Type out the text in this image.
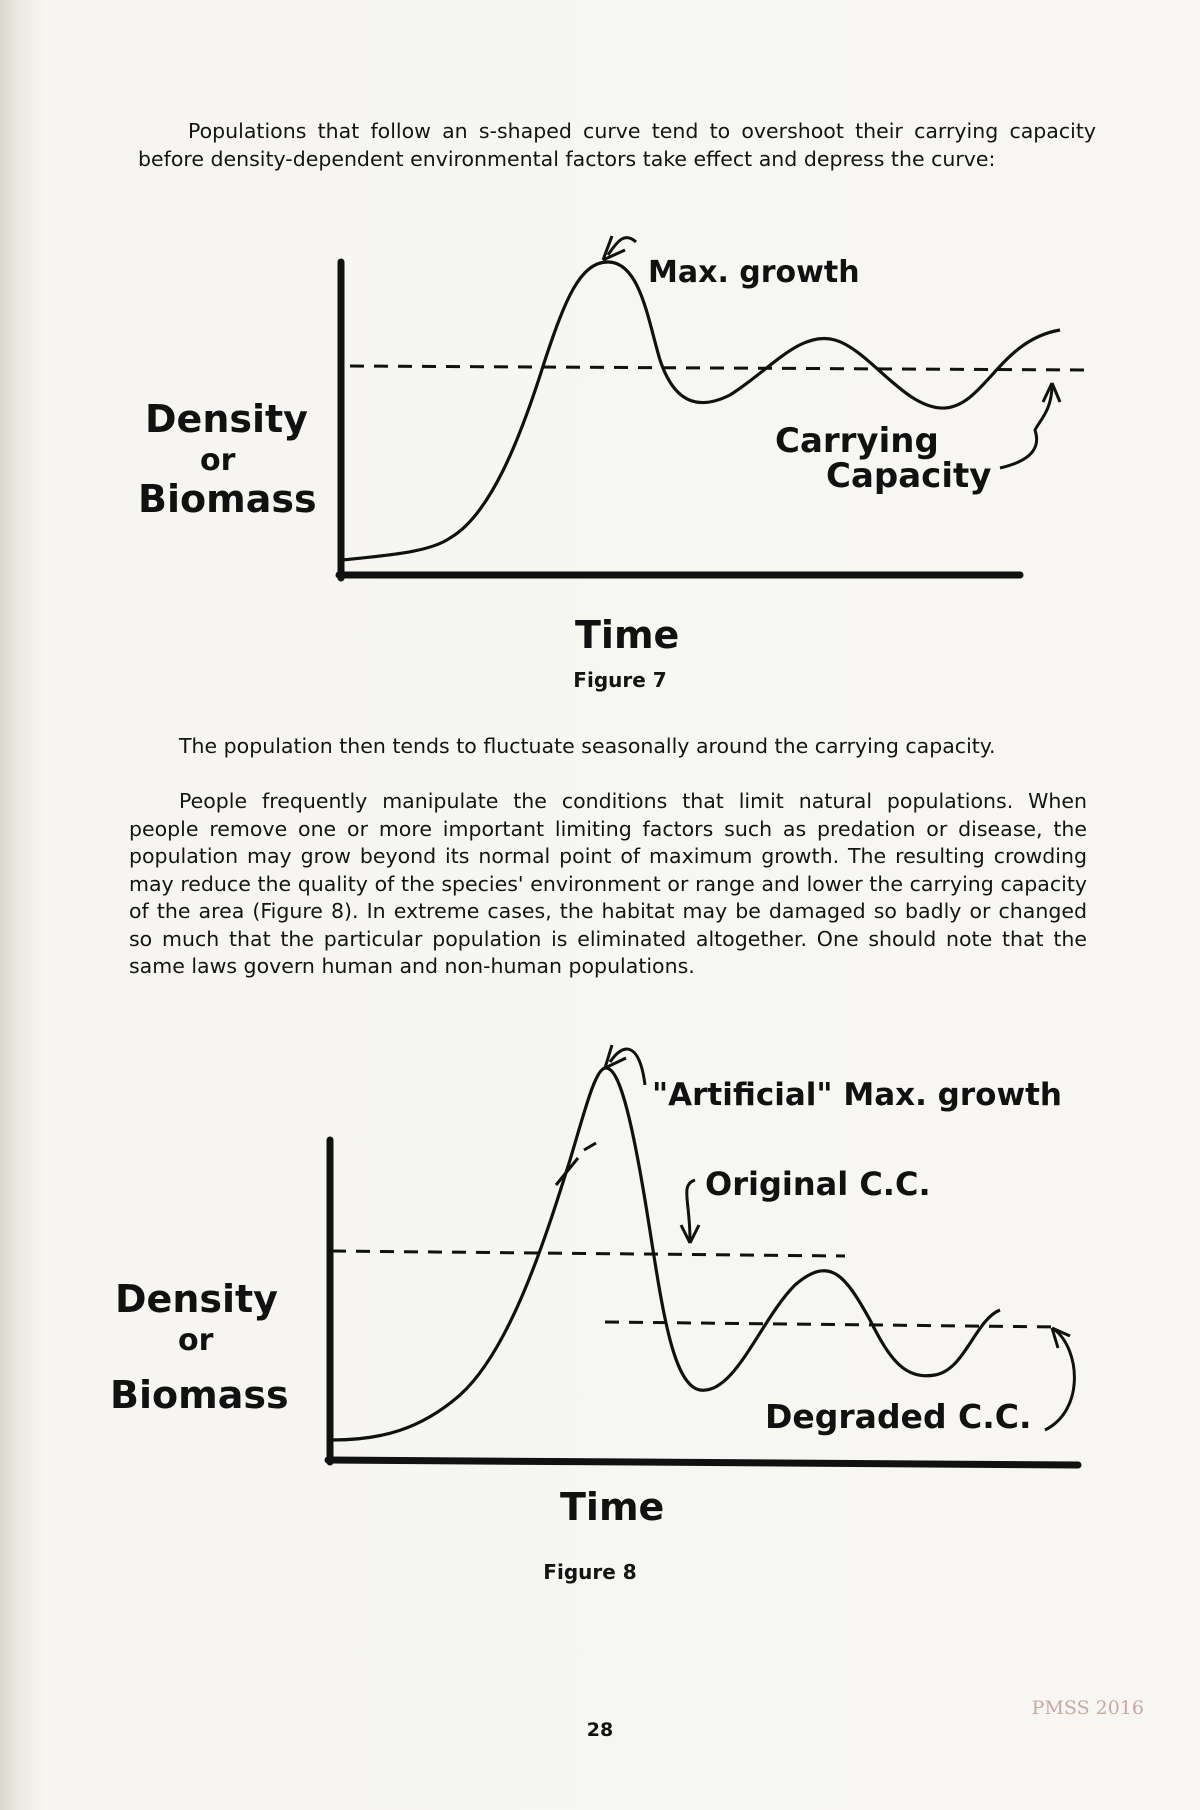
Populations that follow an s-shaped curve tend to overshoot their carrying capacity before density-dependent environmental factors take effect and depress the curve:

Density
or
Biomass
Time
Max. growth
Carrying
Capacity
Figure 7

The population then tends to fluctuate seasonally around the carrying capacity.

People frequently manipulate the conditions that limit natural populations. When people remove one or more important limiting factors such as predation or disease, the population may grow beyond its normal point of maximum growth. The resulting crowding may reduce the quality of the species' environment or range and lower the carrying capacity of the area (Figure 8). In extreme cases, the habitat may be damaged so badly or changed so much that the particular population is eliminated altogether. One should note that the same laws govern human and non-human populations.

Density
or
Biomass
Time
"Artificial" Max. growth
Original C.C.
Degraded C.C.
Figure 8
28
PMSS 2016
